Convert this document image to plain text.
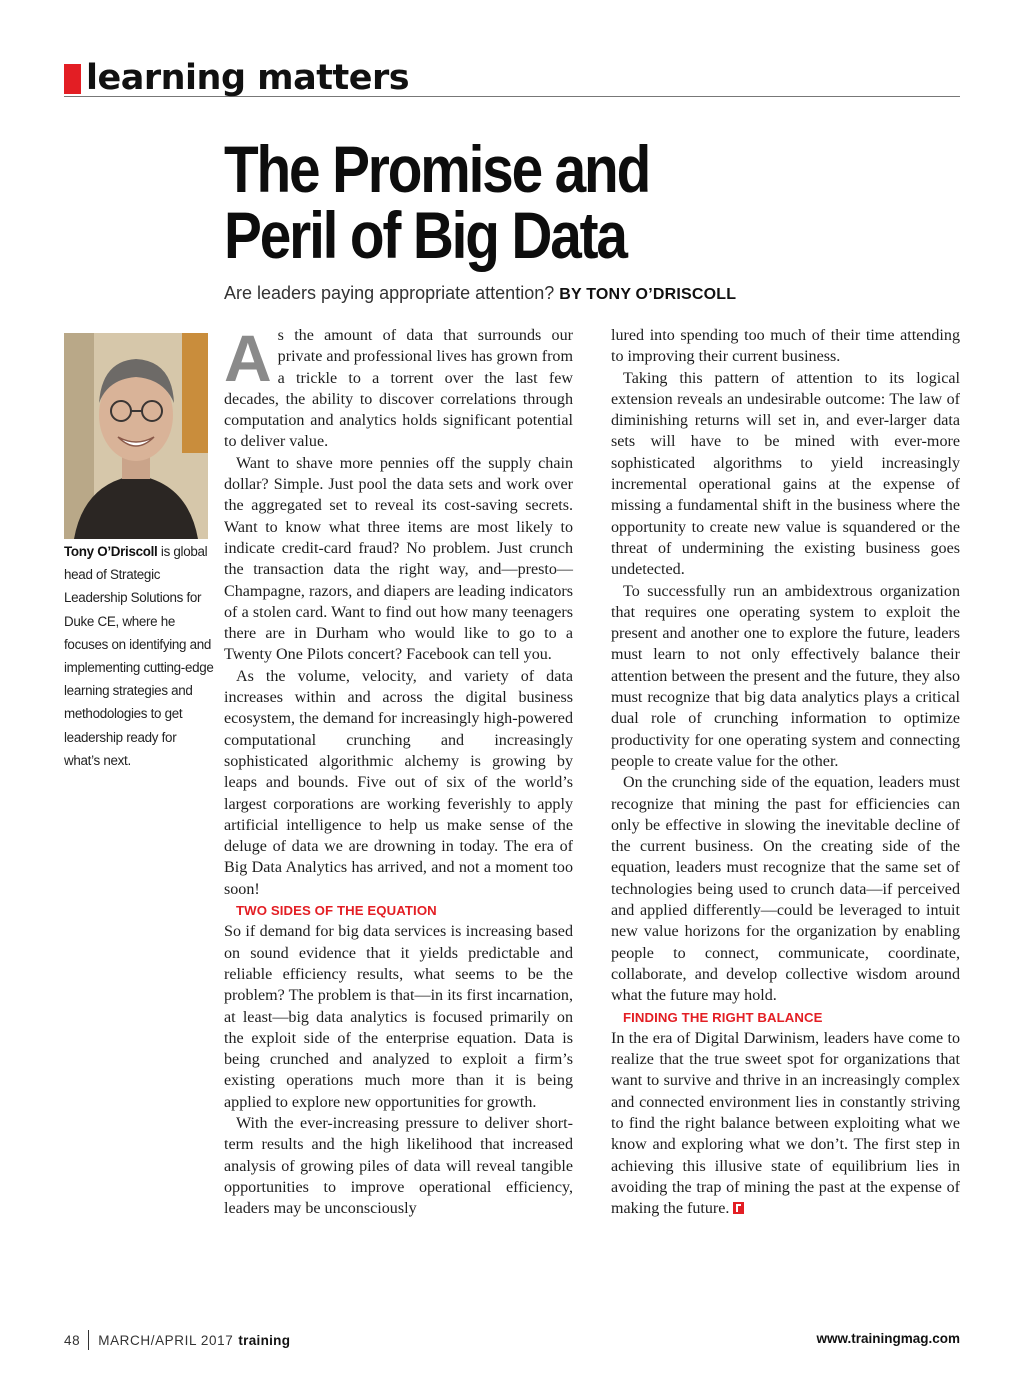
learning matters
The Promise and
Peril of Big Data
Are leaders paying appropriate attention? BY TONY O’DRISCOLL
Tony O’Driscoll is global head of Strategic Leadership Solutions for Duke CE, where he focuses on identifying and implementing cutting-edge learning strategies and methodologies to get leadership ready for what’s next.

As the amount of data that surrounds our private and professional lives has grown from a trickle to a torrent over the last few decades, the ability to discover correlations through computation and analytics holds significant potential to deliver value.

Want to shave more pennies off the supply chain dollar? Simple. Just pool the data sets and work over the aggregated set to reveal its cost-saving secrets. Want to know what three items are most likely to indicate credit-card fraud? No problem. Just crunch the transaction data the right way, and—presto—Champagne, razors, and diapers are leading indicators of a stolen card. Want to find out how many teenagers there are in Durham who would like to go to a Twenty One Pilots concert? Facebook can tell you.

As the volume, velocity, and variety of data increases within and across the digital business ecosystem, the demand for increasingly high-powered computational crunching and increasingly sophisticated algorithmic alchemy is growing by leaps and bounds. Five out of six of the world’s largest corporations are working feverishly to apply artificial intelligence to help us make sense of the deluge of data we are drowning in today. The era of Big Data Analytics has arrived, and not a moment too soon!

TWO SIDES OF THE EQUATION

So if demand for big data services is increasing based on sound evidence that it yields predictable and reliable efficiency results, what seems to be the problem? The problem is that—in its first incarnation, at least—big data analytics is focused primarily on the exploit side of the enterprise equation. Data is being crunched and analyzed to exploit a firm’s existing operations much more than it is being applied to explore new opportunities for growth.

With the ever-increasing pressure to deliver short-term results and the high likelihood that increased analysis of growing piles of data will reveal tangible opportunities to improve operational efficiency, leaders may be unconsciously

lured into spending too much of their time attending to improving their current business.

Taking this pattern of attention to its logical extension reveals an undesirable outcome: The law of diminishing returns will set in, and ever-larger data sets will have to be mined with ever-more sophisticated algorithms to yield increasingly incremental operational gains at the expense of missing a fundamental shift in the business where the opportunity to create new value is squandered or the threat of undermining the existing business goes undetected.

To successfully run an ambidextrous organization that requires one operating system to exploit the present and another one to explore the future, leaders must learn to not only effectively balance their attention between the present and the future, they also must recognize that big data analytics plays a critical dual role of crunching information to optimize productivity for one operating system and connecting people to create value for the other.

On the crunching side of the equation, leaders must recognize that mining the past for efficiencies can only be effective in slowing the inevitable decline of the current business. On the creating side of the equation, leaders must recognize that the same set of technologies being used to crunch data—if perceived and applied differently—could be leveraged to intuit new value horizons for the organization by enabling people to connect, communicate, coordinate, collaborate, and develop collective wisdom around what the future may hold.

FINDING THE RIGHT BALANCE

In the era of Digital Darwinism, leaders have come to realize that the true sweet spot for organizations that want to survive and thrive in an increasingly complex and connected environment lies in constantly striving to find the right balance between exploiting what we know and exploring what we don’t. The first step in achieving this illusive state of equilibrium lies in avoiding the trap of mining the past at the expense of making the future.

48 MARCH/APRIL 2017 training	www.trainingmag.com
